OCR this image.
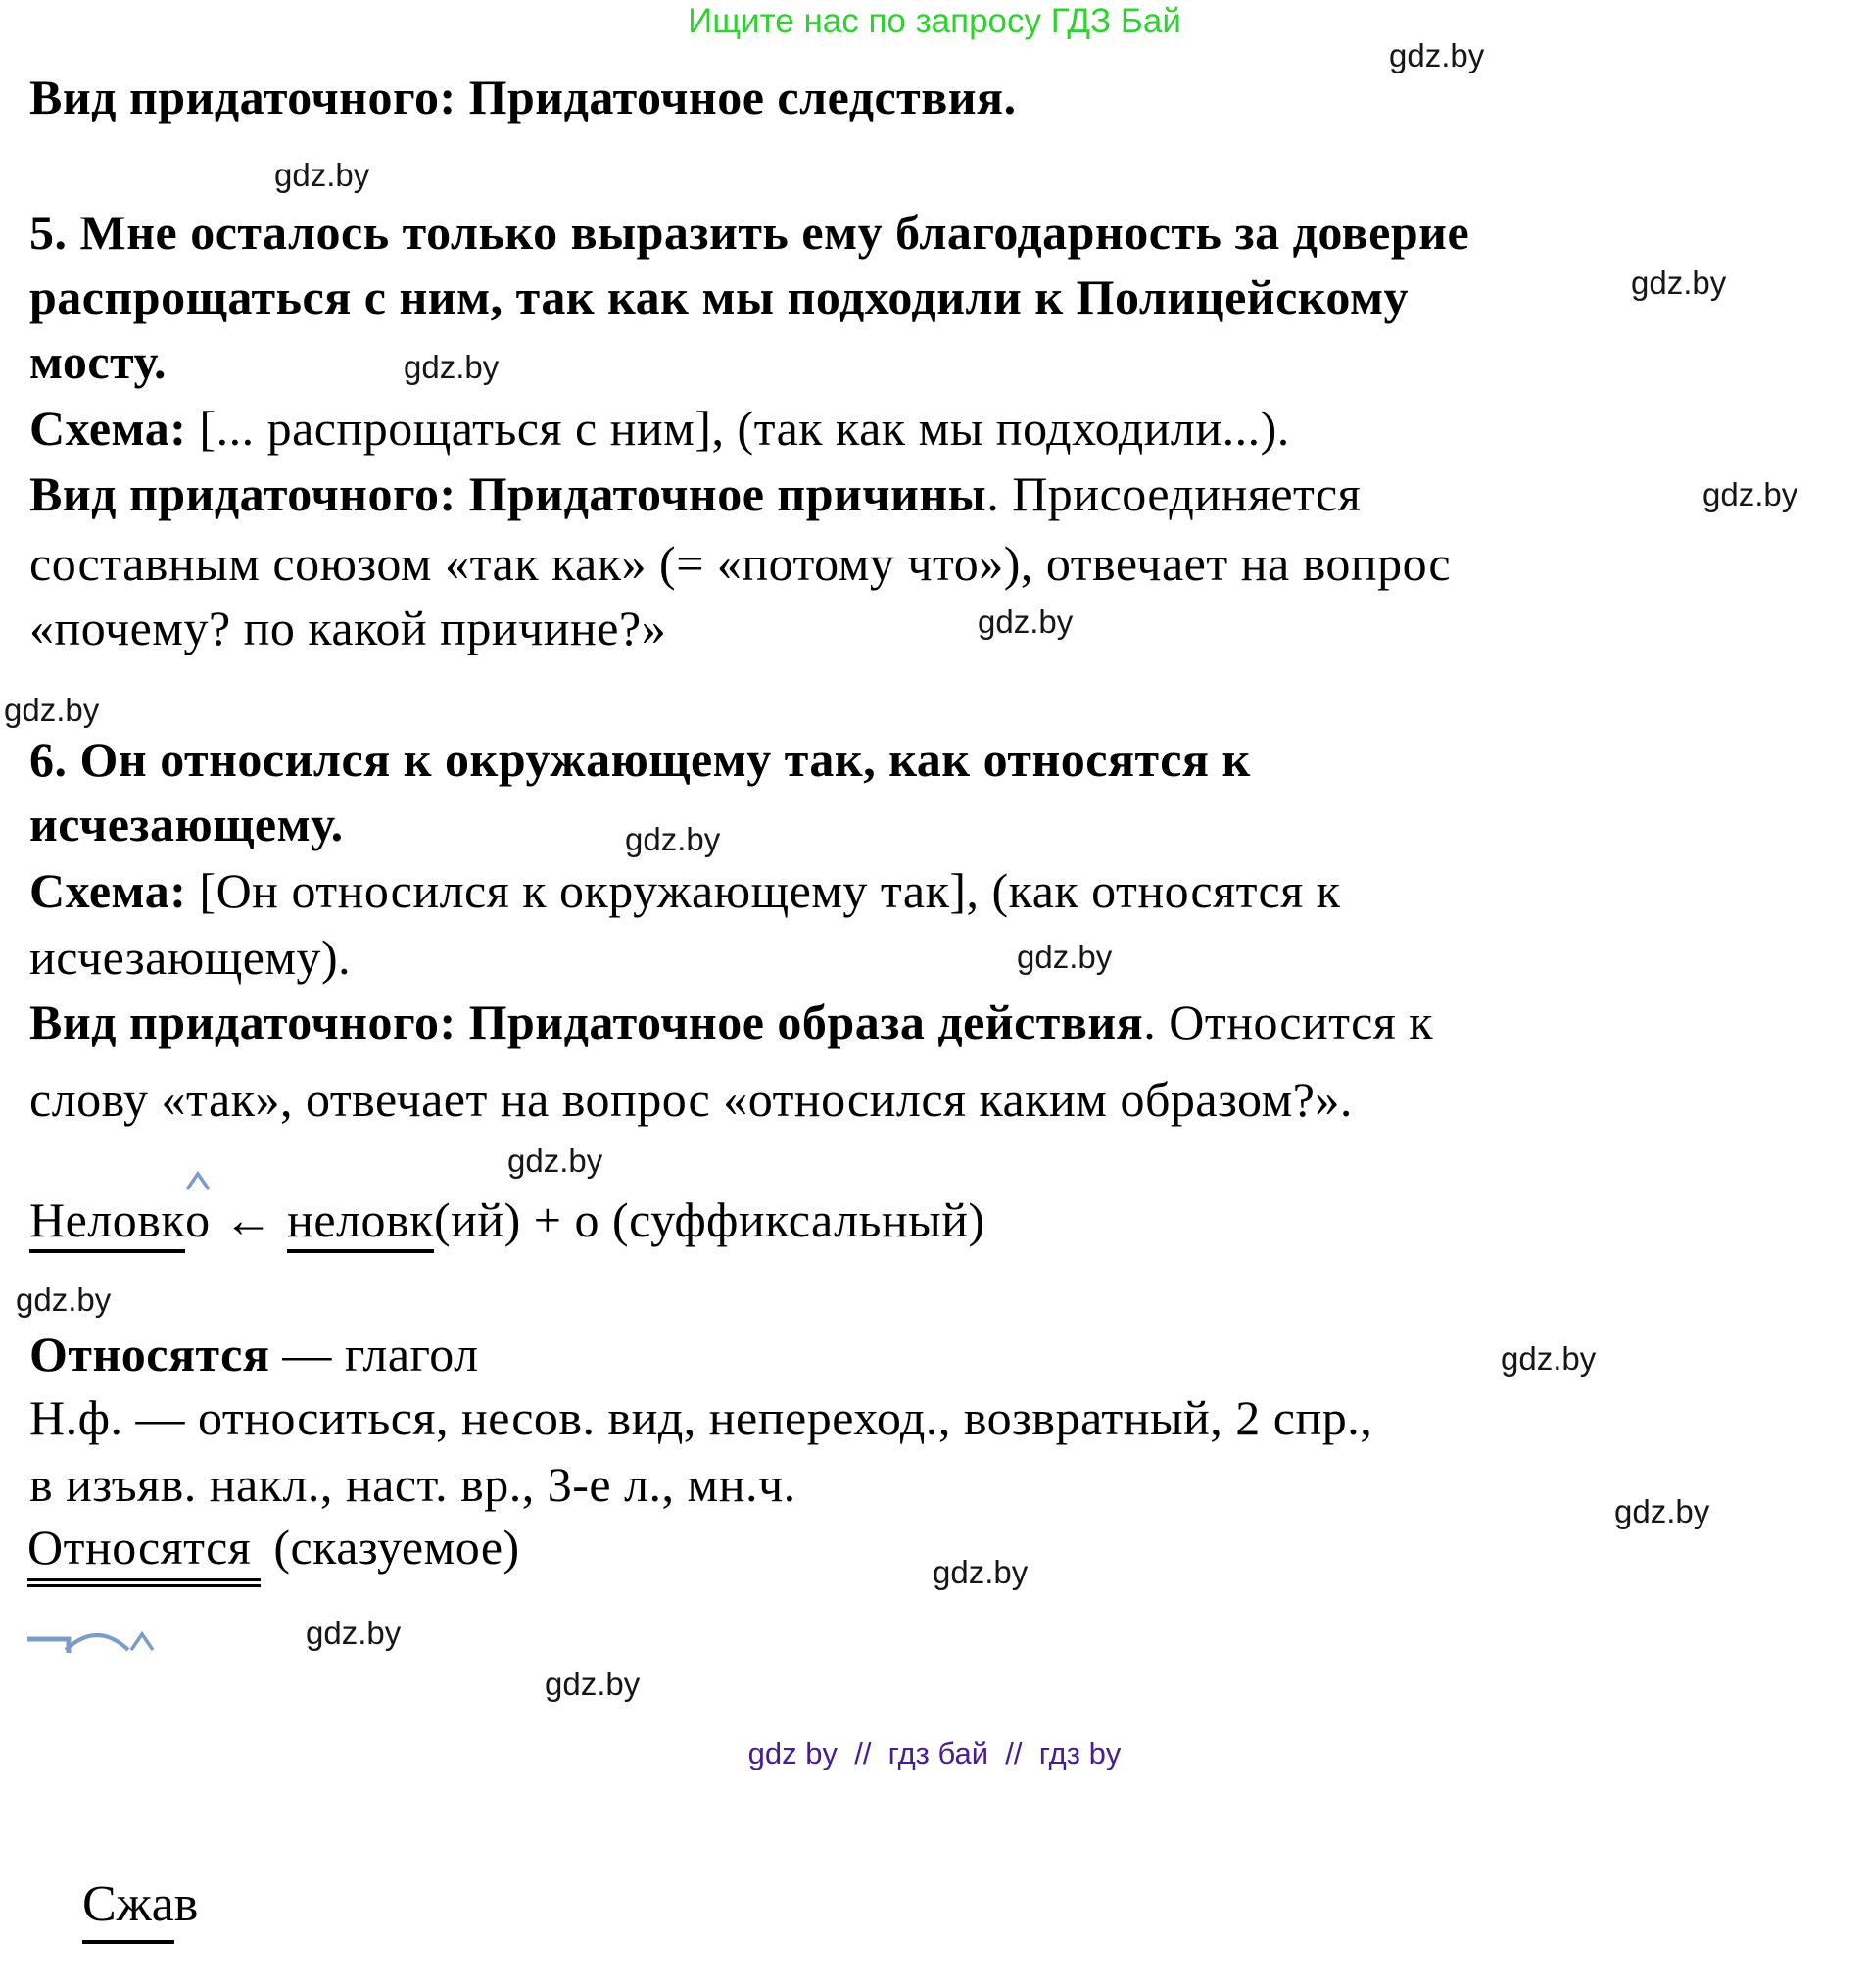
Ищите нас по запросу ГДЗ Бай
gdz.by
gdz.by
gdz.by
gdz.by
gdz.by
gdz.by
gdz.by
gdz.by
gdz.by
gdz.by
gdz.by
gdz.by
gdz.by
gdz.by
gdz.by
gdz.by
Вид придаточного: Придаточное следствия.
5. Мне осталось только выразить ему благодарность за доверие
распрощаться с ним, так как мы подходили к Полицейскому
мосту.
Схема: [... распрощаться с ним], (так как мы подходили...).
Вид придаточного: Придаточное причины. Присоединяется
составным союзом «так как» (= «потому что»), отвечает на вопрос
«почему? по какой причине?»
6. Он относился к окружающему так, как относятся к
исчезающему.
Схема: [Он относился к окружающему так], (как относятся к
исчезающему).
Вид придаточного: Придаточное образа действия. Относится к
слову «так», отвечает на вопрос «относился каким образом?».
Неловк
о ← неловк(ий) + о (суффиксальный)
Относятся — глагол
Н.ф. — относиться, несов. вид, непереход., возвратный, 2 спр.,
в изъяв. накл., наст. вр., 3-е л., мн.ч.
Относятся (сказуемое)

Сжав

gdz by  //  гдз бай  //  гдз by
